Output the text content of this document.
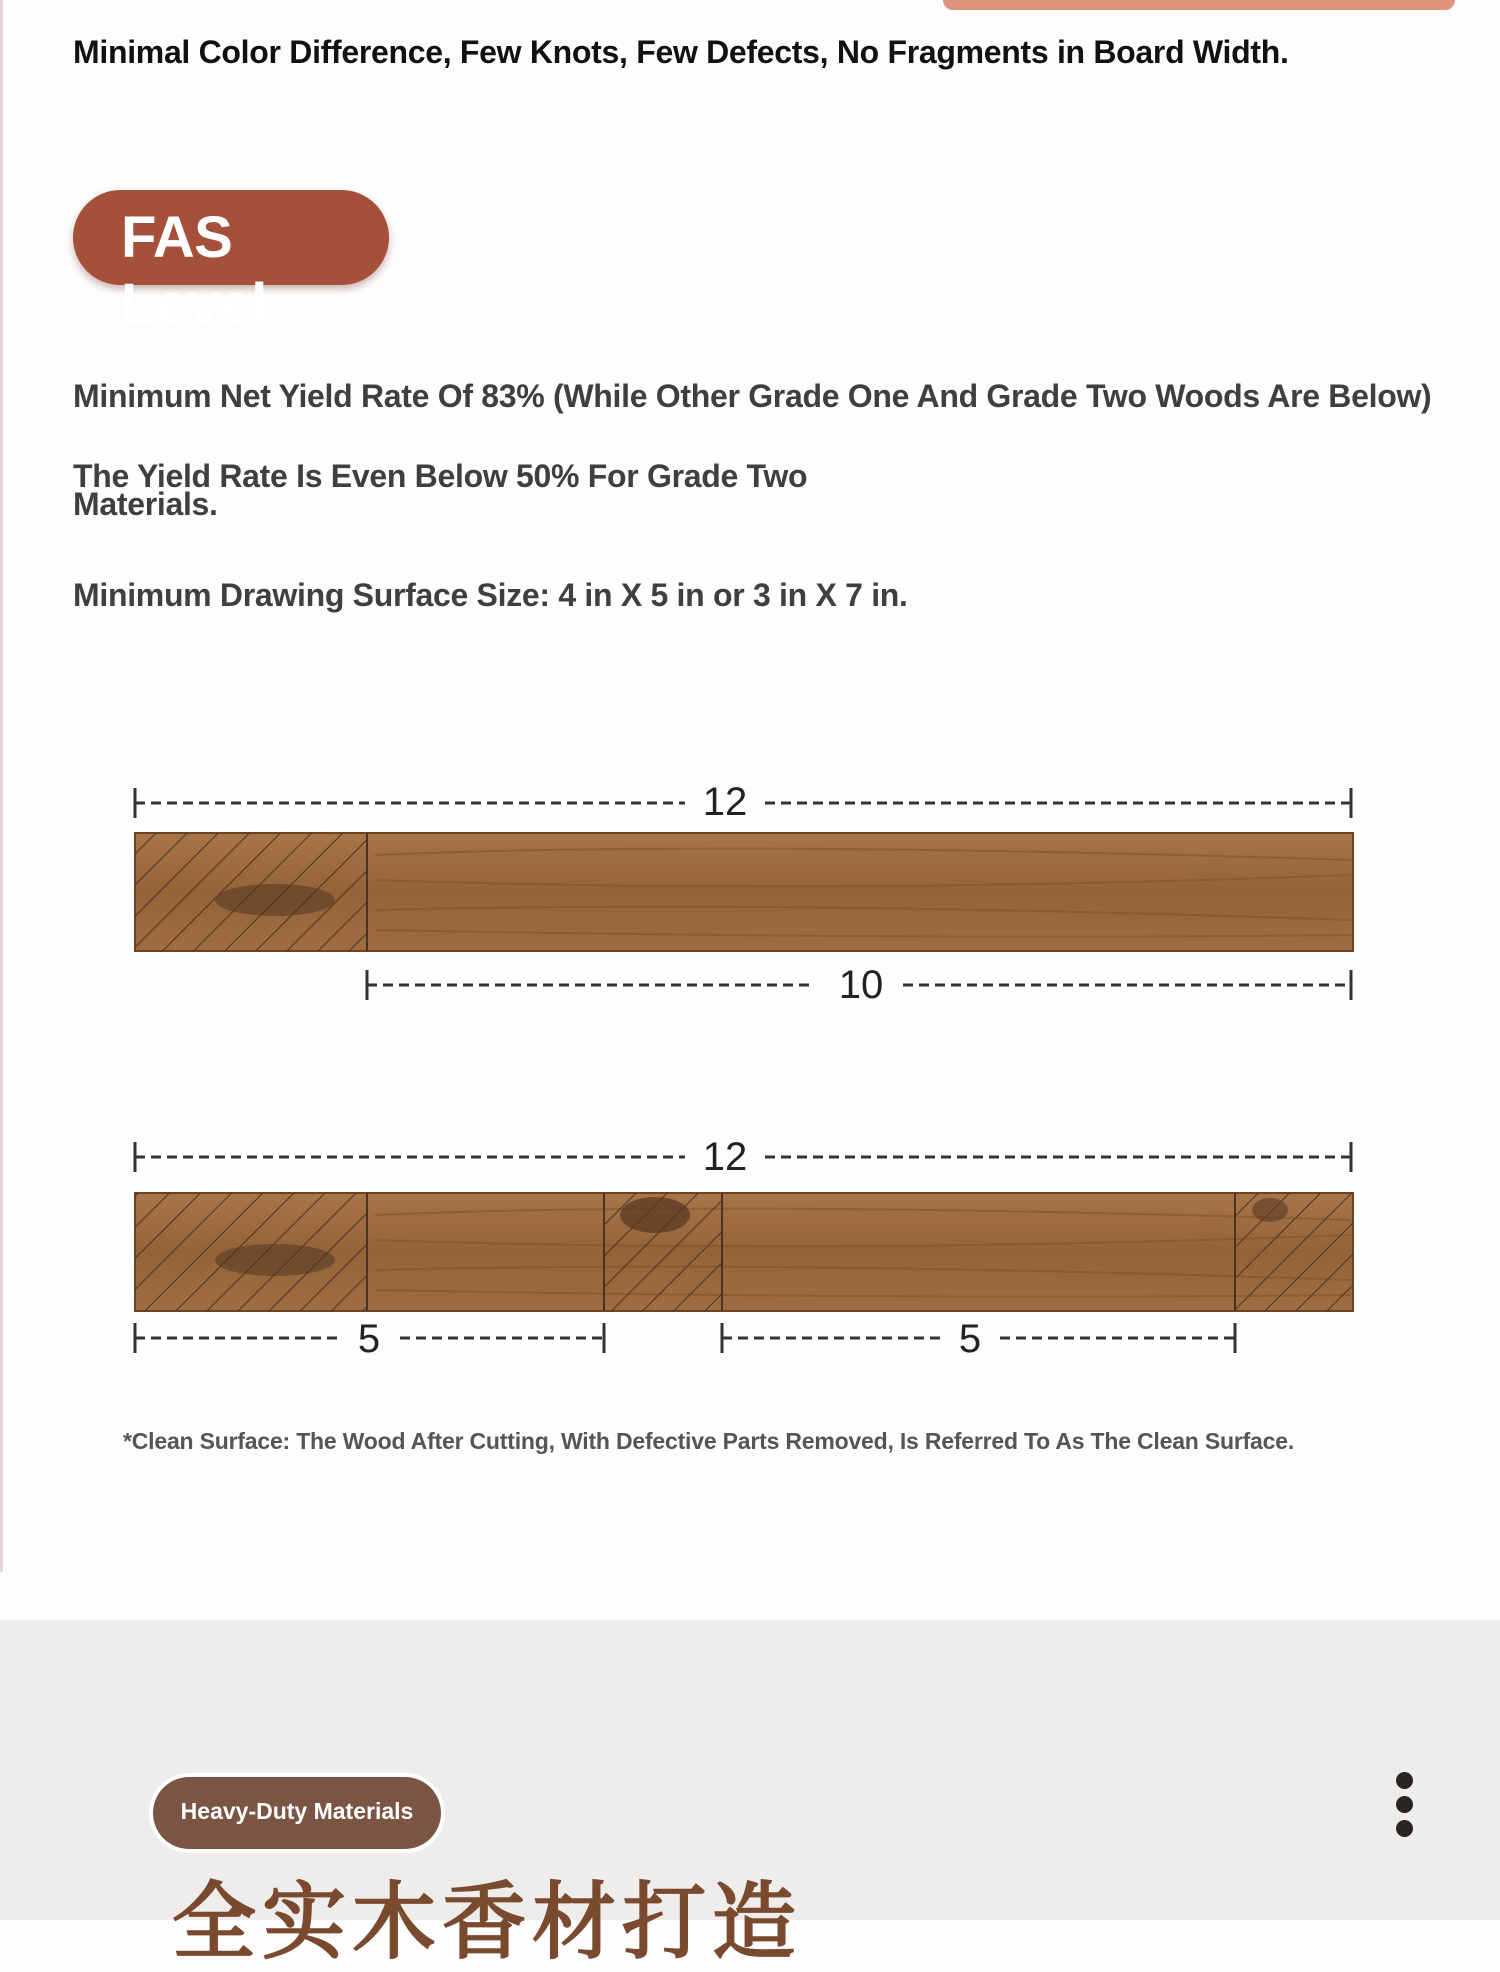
Minimal Color Difference, Few Knots, Few Defects, No Fragments in Board Width.
FAS Level
Minimum Net Yield Rate Of 83% (While Other Grade One And Grade Two Woods Are Below)
The Yield Rate Is Even Below 50% For Grade Two Materials.
Minimum Drawing Surface Size: 4 in X 5 in or 3 in X 7 in.
12
10
12
5	5
*Clean Surface: The Wood After Cutting, With Defective Parts Removed, Is Referred To As The Clean Surface.
Heavy-Duty Materials
全实木香材打造
